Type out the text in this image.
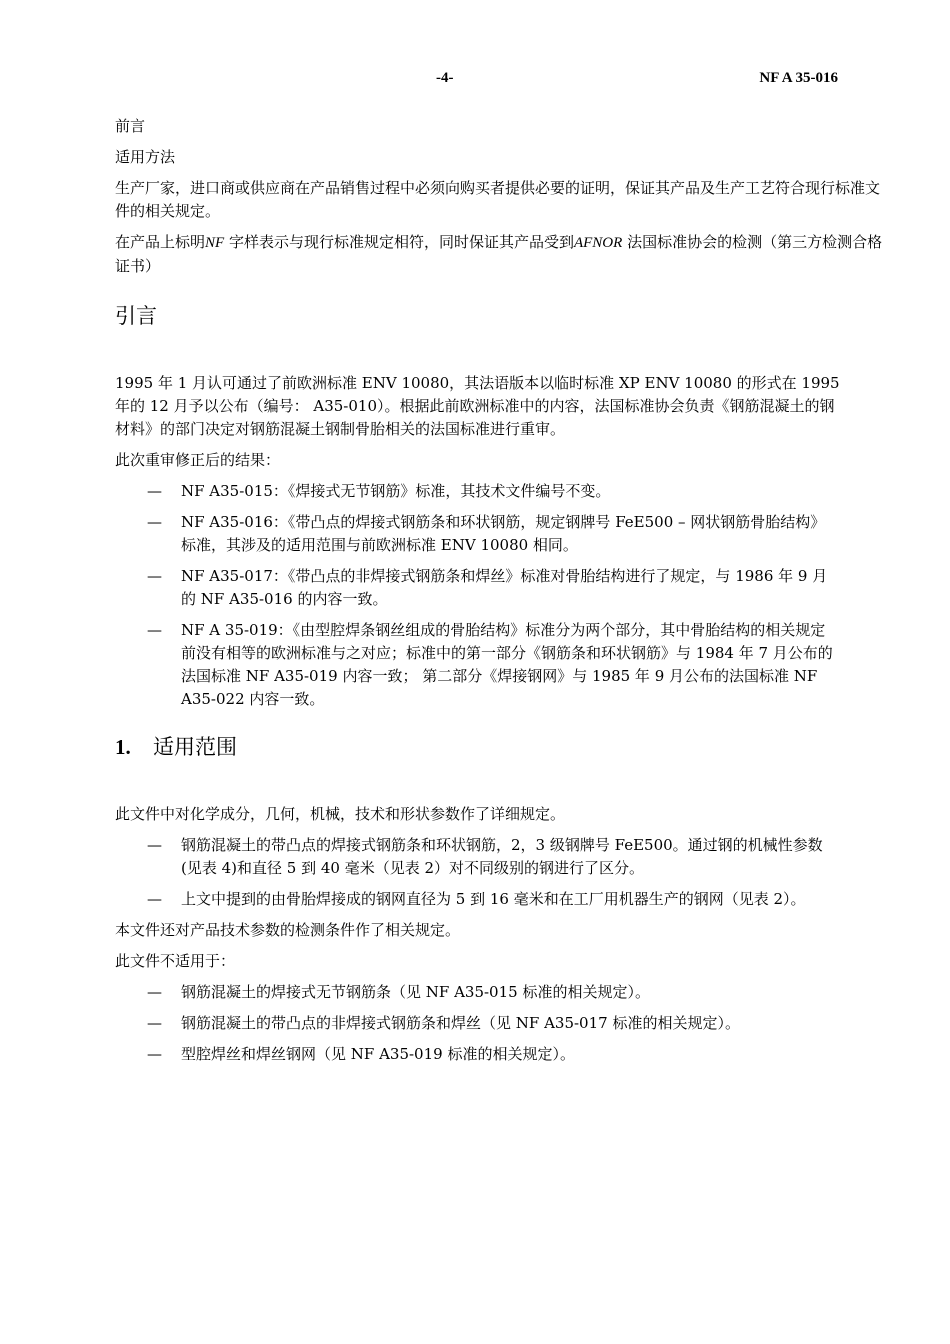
-4-	NF A 35-016

前言

适用方法

生产厂家，进口商或供应商在产品销售过程中必须向购买者提供必要的证明，保证其产品及生产工艺符合现行标准文件的相关规定。

在产品上标明NF 字样表示与现行标准规定相符，同时保证其产品受到AFNOR 法国标准协会的检测（第三方检测合格证书）

引言

1995 年 1 月认可通过了前欧洲标准 ENV 10080，其法语版本以临时标准 XP ENV 10080 的形式在 1995 年的 12 月予以公布（编号： A35-010）。根据此前欧洲标准中的内容，法国标准协会负责《钢筋混凝土的钢材料》的部门决定对钢筋混凝土钢制骨胎相关的法国标准进行重审。

此次重审修正后的结果：

— NF A35-015：《焊接式无节钢筋》标准，其技术文件编号不变。
— NF A35-016：《带凸点的焊接式钢筋条和环状钢筋，规定钢牌号 FeE500 – 网状钢筋骨胎结构》标准，其涉及的适用范围与前欧洲标准 ENV 10080 相同。
— NF A35-017：《带凸点的非焊接式钢筋条和焊丝》标准对骨胎结构进行了规定，与 1986 年 9 月的 NF A35-016 的内容一致。
— NF A 35-019：《由型腔焊条钢丝组成的骨胎结构》标准分为两个部分，其中骨胎结构的相关规定前没有相等的欧洲标准与之对应；标准中的第一部分《钢筋条和环状钢筋》与 1984 年 7 月公布的法国标准 NF A35-019 内容一致； 第二部分《焊接钢网》与 1985 年 9 月公布的法国标准 NF A35-022 内容一致。
1. 适用范围

此文件中对化学成分，几何，机械，技术和形状参数作了详细规定。

— 钢筋混凝土的带凸点的焊接式钢筋条和环状钢筋，2，3 级钢牌号 FeE500。通过钢的机械性参数(见表 4)和直径 5 到 40 毫米（见表 2）对不同级别的钢进行了区分。
— 上文中提到的由骨胎焊接成的钢网直径为 5 到 16 毫米和在工厂用机器生产的钢网（见表 2）。

本文件还对产品技术参数的检测条件作了相关规定。

此文件不适用于：

— 钢筋混凝土的焊接式无节钢筋条（见 NF A35-015 标准的相关规定）。
— 钢筋混凝土的带凸点的非焊接式钢筋条和焊丝（见 NF A35-017 标准的相关规定）。
— 型腔焊丝和焊丝钢网（见 NF A35-019 标准的相关规定）。
